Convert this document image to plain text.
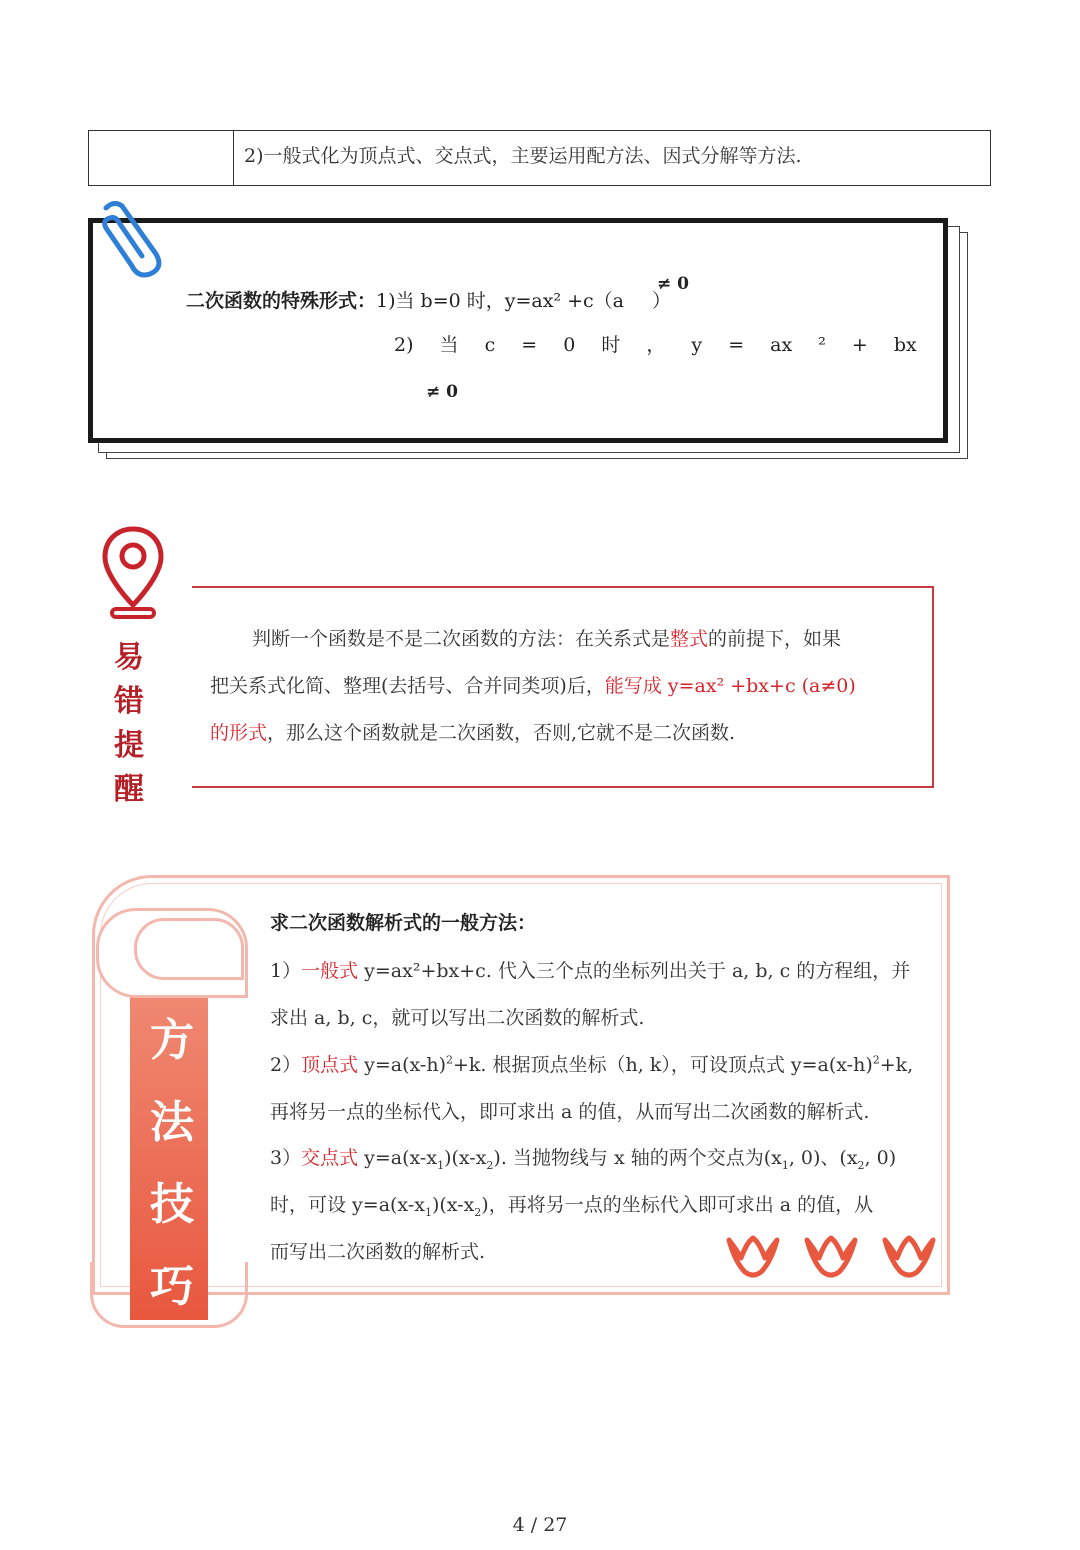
2)一般式化为顶点式、交点式，主要运用配方法、因式分解等方法.
二次函数的特殊形式：1)当 b=0 时，y=ax² +c（a ）
≠ 0
2) 当 c = 0 时 ， y = ax ² + bx
≠ 0
易
错
提
醒
判断一个函数是不是二次函数的方法：在关系式是整式的前提下，如果
把关系式化简、整理(去括号、合并同类项)后，能写成 y=ax² +bx+c (a≠0)
的形式，那么这个函数就是二次函数，否则,它就不是二次函数.
方
法
技
巧
求二次函数解析式的一般方法：
1）一般式 y=ax²+bx+c. 代入三个点的坐标列出关于 a, b, c 的方程组，并
求出 a, b, c，就可以写出二次函数的解析式.
2）顶点式 $y=a(x-h)^2+k$. 根据顶点坐标（h, k），可设顶点式 $y=a(x-h)^2+k$,
再将另一点的坐标代入，即可求出 a 的值，从而写出二次函数的解析式.
3）交点式 $y=a(x-x_1)(x-x_2)$. 当抛物线与 x 轴的两个交点为($x_1$, 0)、($x_2$, 0)
时，可设 $y=a(x-x_1)(x-x_2)$，再将另一点的坐标代入即可求出 a 的值，从
而写出二次函数的解析式.
4 / 27
